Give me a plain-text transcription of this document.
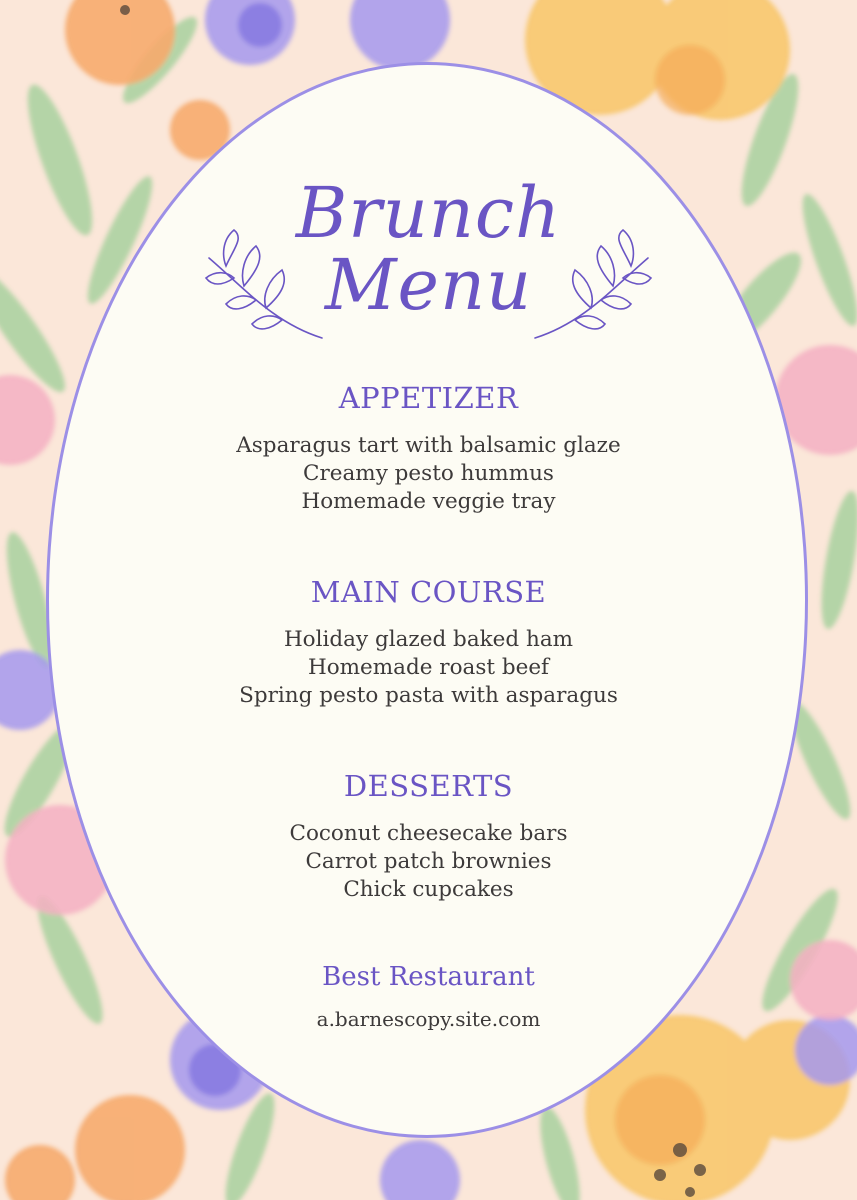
Brunch
Menu
APPETIZER
Asparagus tart with balsamic glaze
Creamy pesto hummus
Homemade veggie tray
MAIN COURSE
Holiday glazed baked ham
Homemade roast beef
Spring pesto pasta with asparagus
DESSERTS
Coconut cheesecake bars
Carrot patch brownies
Chick cupcakes
Best Restaurant
a.barnescopy.site.com
